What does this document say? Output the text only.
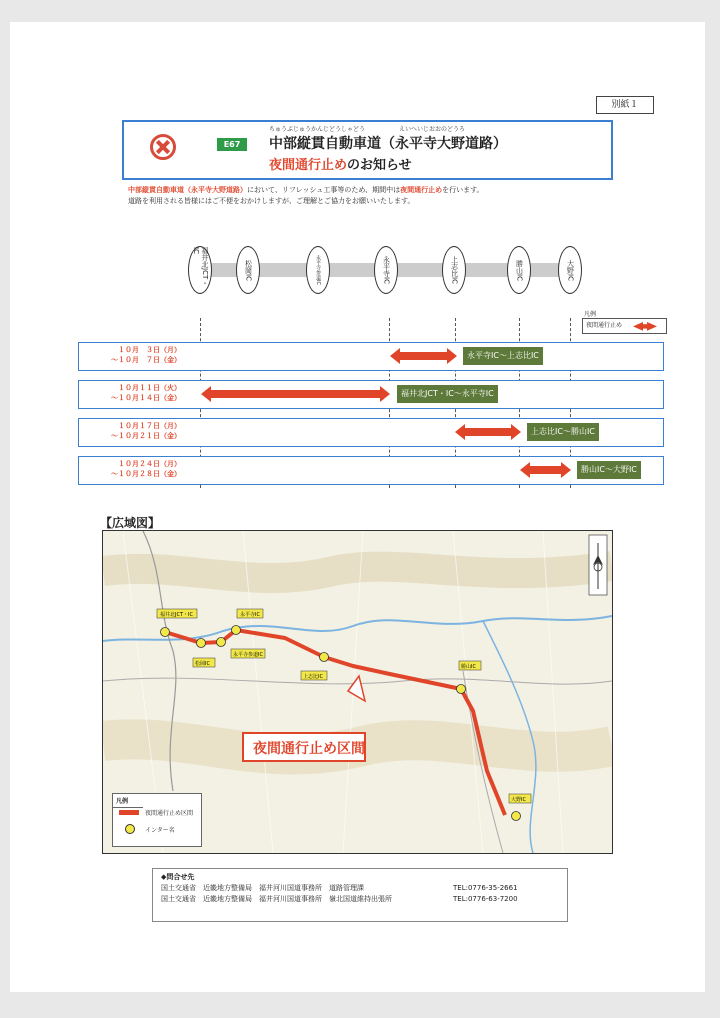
別紙１
E67
ちゅうぶじゅうかんじどうしゃどう	えいへいじおおのどうろ
中部縦貫自動車道（永平寺大野道路）
夜間通行止めのお知らせ
中部縦貫自動車道（永平寺大野道路）において、リフレッシュ工事等のため、期間中は夜間通行止めを行います。
道路を利用される皆様にはご不便をおかけしますが、ご理解とご協力をお願いいたします。
福井北JCT・IC
松岡IC	永平寺参道IC	永平寺IC	上志比IC	勝山IC	大野IC
凡例
夜間通行止め
１０月　３日（月）
～１０月　７日（金）	永平寺IC～上志比IC
１０月１１日（火）
～１０月１４日（金）	福井北JCT・IC～永平寺IC
１０月１７日（月）
～１０月２１日（金）	上志比IC～勝山IC
１０月２４日（月）
～１０月２８日（金）	勝山IC～大野IC
【広域図】
福井北JCT・IC	永平寺IC
永平寺参道IC
松岡IC
上志比IC
勝山IC
大野IC
夜間通行止め区間
凡例
夜間通行止め区間
インター名
◆問合せ先
国土交通省　近畿地方整備局　福井河川国道事務所　道路管理課	TEL:0776-35-2661
国土交通省　近畿地方整備局　福井河川国道事務所　嶺北国道維持出張所	TEL:0776-63-7200
